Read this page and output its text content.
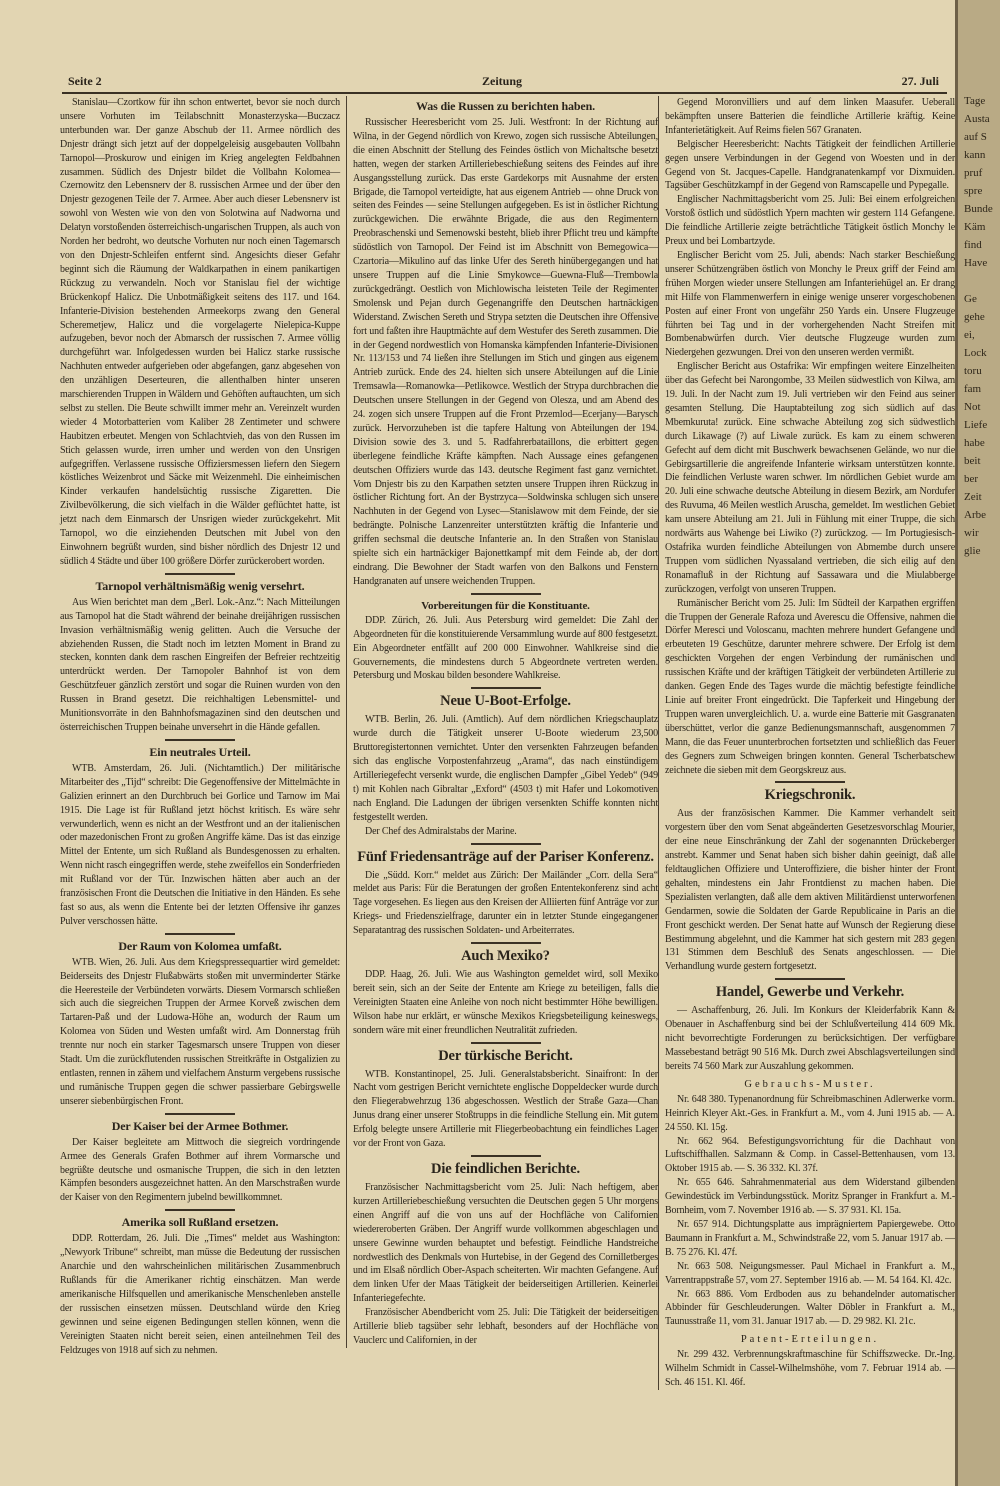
Seite 2	Zeitung	27. Juli

Stanislau—Czortkow für ihn schon entwertet, bevor sie noch durch unsere Vorhuten im Teilabschnitt Monasterzyska—Buczacz unterbunden war. Der ganze Abschub der 11. Armee nördlich des Dnjestr drängt sich jetzt auf der doppelgeleisig ausgebauten Vollbahn Tarnopol—Proskurow und einigen im Krieg angelegten Feldbahnen zusammen. Südlich des Dnjestr bildet die Vollbahn Kolomea—Czernowitz den Lebensnerv der 8. russischen Armee und der über den Dnjestr gezogenen Teile der 7. Armee. Aber auch dieser Lebensnerv ist sowohl von Westen wie von den von Solotwina auf Nadworna und Delatyn vorstoßenden österreichisch-ungarischen Truppen, als auch von Norden her bedroht, wo deutsche Vorhuten nur noch einen Tagemarsch von den Dnjestr-Schleifen entfernt sind. Angesichts dieser Gefahr beginnt sich die Räumung der Waldkarpathen in einem panikartigen Rückzug zu verwandeln. Noch vor Stanislau fiel der wichtige Brückenkopf Halicz. Die Unbotmäßigkeit seitens des 117. und 164. Infanterie-Division bestehenden Armeekorps zwang den General Scheremetjew, Halicz und die vorgelagerte Nielepica-Kuppe aufzugeben, bevor noch der Abmarsch der russischen 7. Armee völlig durchgeführt war. Infolgedessen wurden bei Halicz starke russische Nachhuten entweder aufgerieben oder abgefangen, ganz abgesehen von den unzähligen Deserteuren, die allenthalben hinter unseren marschierenden Truppen in Wäldern und Gehöften auftauchten, um sich selbst zu stellen. Die Beute schwillt immer mehr an. Vereinzelt wurden wieder 4 Motorbatterien vom Kaliber 28 Zentimeter und schwere Haubitzen erbeutet. Mengen von Schlachtvieh, das von den Russen im Stich gelassen wurde, irren umher und werden von den Unsrigen aufgegriffen. Verlassene russische Offiziersmessen liefern den Siegern köstliches Weizenbrot und Säcke mit Weizenmehl. Die einheimischen Kinder verkaufen handelsüchtig russische Zigaretten. Die Zivilbevölkerung, die sich vielfach in die Wälder geflüchtet hatte, ist jetzt nach dem Einmarsch der Unsrigen wieder zurückgekehrt. Mit Tarnopol, wo die einziehenden Deutschen mit Jubel von den Einwohnern begrüßt wurden, sind bisher nördlich des Dnjestr 12 und südlich 4 Städte und über 100 größere Dörfer zurückerobert worden.

Tarnopol verhältnismäßig wenig versehrt.

Aus Wien berichtet man dem „Berl. Lok.-Anz.“: Nach Mitteilungen aus Tarnopol hat die Stadt während der beinahe dreijährigen russischen Invasion verhältnismäßig wenig gelitten. Auch die Versuche der abziehenden Russen, die Stadt noch im letzten Moment in Brand zu stecken, konnten dank dem raschen Eingreifen der Befreier rechtzeitig unterdrückt werden. Der Tarnopoler Bahnhof ist von dem Geschützfeuer gänzlich zerstört und sogar die Ruinen wurden von den Russen in Brand gesetzt. Die reichhaltigen Lebensmittel- und Munitionsvorräte in den Bahnhofsmagazinen sind den deutschen und österreichischen Truppen beinahe unversehrt in die Hände gefallen.

Ein neutrales Urteil.

WTB. Amsterdam, 26. Juli. (Nichtamtlich.) Der militärische Mitarbeiter des „Tijd“ schreibt: Die Gegenoffensive der Mittelmächte in Galizien erinnert an den Durchbruch bei Gorlice und Tarnow im Mai 1915. Die Lage ist für Rußland jetzt höchst kritisch. Es wäre sehr verwunderlich, wenn es nicht an der Westfront und an der italienischen oder mazedonischen Front zu großen Angriffe käme. Das ist das einzige Mittel der Entente, um sich Rußland als Bundesgenossen zu erhalten. Wenn nicht rasch eingegriffen werde, stehe zweifellos ein Sonderfrieden mit Rußland vor der Tür. Inzwischen hätten aber auch an der französischen Front die Deutschen die Initiative in den Händen. Es sehe fast so aus, als wenn die Entente bei der letzten Offensive ihr ganzes Pulver verschossen hätte.

Der Raum von Kolomea umfaßt.

WTB. Wien, 26. Juli. Aus dem Kriegspressequartier wird gemeldet: Beiderseits des Dnjestr Flußabwärts stoßen mit unverminderter Stärke die Heeresteile der Verbündeten vorwärts. Diesem Vormarsch schließen sich auch die siegreichen Truppen der Armee Korveß zwischen dem Tartaren-Paß und der Ludowa-Höhe an, wodurch der Raum um Kolomea von Süden und Westen umfaßt wird. Am Donnerstag früh trennte nur noch ein starker Tagesmarsch unsere Truppen von dieser Stadt. Um die zurückflutenden russischen Streitkräfte in Ostgalizien zu entlasten, rennen in zähem und vielfachem Ansturm vergebens russische und rumänische Truppen gegen die schwer passierbare Gebirgswelle unserer siebenbürgischen Front.

Der Kaiser bei der Armee Bothmer.

Der Kaiser begleitete am Mittwoch die siegreich vordringende Armee des Generals Grafen Bothmer auf ihrem Vormarsche und begrüßte deutsche und osmanische Truppen, die sich in den letzten Kämpfen besonders ausgezeichnet hatten. An den Marschstraßen wurde der Kaiser von den Regimentern jubelnd bewillkommnet.

Amerika soll Rußland ersetzen.

DDP. Rotterdam, 26. Juli. Die „Times“ meldet aus Washington: „Newyork Tribune“ schreibt, man müsse die Bedeutung der russischen Anarchie und den wahrscheinlichen militärischen Zusammenbruch Rußlands für die Amerikaner richtig einschätzen. Man werde amerikanische Hilfsquellen und amerikanische Menschenleben anstelle der russischen einsetzen müssen. Deutschland würde den Krieg gewinnen und seine eigenen Bedingungen stellen können, wenn die Vereinigten Staaten nicht bereit seien, einen anteilnehmen Teil des Feldzuges von 1918 auf sich zu nehmen.

Was die Russen zu berichten haben.

Russischer Heeresbericht vom 25. Juli. Westfront: In der Richtung auf Wilna, in der Gegend nördlich von Krewo, zogen sich russische Abteilungen, die einen Abschnitt der Stellung des Feindes östlich von Michaltsche besetzt hatten, wegen der starken Artilleriebeschießung seitens des Feindes auf ihre Ausgangsstellung zurück. Das erste Gardekorps mit Ausnahme der ersten Brigade, die Tarnopol verteidigte, hat aus eigenem Antrieb — ohne Druck von seiten des Feindes — seine Stellungen aufgegeben. Es ist in östlicher Richtung zurückgewichen. Die erwähnte Brigade, die aus den Regimentern Preobraschenski und Semenowski besteht, blieb ihrer Pflicht treu und kämpfte südöstlich von Tarnopol. Der Feind ist im Abschnitt von Bemegowica—Czartoria—Mikulino auf das linke Ufer des Sereth hinübergegangen und hat unsere Truppen auf die Linie Smykowce—Guewna-Fluß—Trembowla zurückgedrängt. Oestlich von Michlowischa leisteten Teile der Regimenter Smolensk und Pejan durch Gegenangriffe den Deutschen hartnäckigen Widerstand. Zwischen Sereth und Strypa setzten die Deutschen ihre Offensive fort und faßten ihre Hauptmächte auf dem Westufer des Sereth zusammen. Die in der Gegend nordwestlich von Homanska kämpfenden Infanterie-Divisionen Nr. 113/153 und 74 ließen ihre Stellungen im Stich und gingen aus eigenem Antrieb zurück. Ende des 24. hielten sich unsere Abteilungen auf die Linie Tremsawla—Romanowka—Petlikowce. Westlich der Strypa durchbrachen die Deutschen unsere Stellungen in der Gegend von Olesza, und am Abend des 24. zogen sich unsere Truppen auf die Front Przemlod—Ecerjany—Barysch zurück. Hervorzuheben ist die tapfere Haltung von Abteilungen der 194. Division sowie des 3. und 5. Radfahrerbataillons, die erbittert gegen überlegene feindliche Kräfte kämpften. Nach Aussage eines gefangenen deutschen Offiziers wurde das 143. deutsche Regiment fast ganz vernichtet. Vom Dnjestr bis zu den Karpathen setzten unsere Truppen ihren Rückzug in östlicher Richtung fort. An der Bystrzyca—Soldwinska schlugen sich unsere Nachhuten in der Gegend von Lysec—Stanislawow mit dem Feinde, der sie bedrängte. Polnische Lanzenreiter unterstützten kräftig die Infanterie und griffen sechsmal die deutsche Infanterie an. In den Straßen von Stanislau spielte sich ein hartnäckiger Bajonettkampf mit dem Feinde ab, der dort eindrang. Die Bewohner der Stadt warfen von den Balkons und Fenstern Handgranaten auf unsere weichenden Truppen.

Vorbereitungen für die Konstituante.

DDP. Zürich, 26. Juli. Aus Petersburg wird gemeldet: Die Zahl der Abgeordneten für die konstituierende Versammlung wurde auf 800 festgesetzt. Ein Abgeordneter entfällt auf 200 000 Einwohner. Wahlkreise sind die Gouvernements, die mindestens durch 5 Abgeordnete vertreten werden. Petersburg und Moskau bilden besondere Wahlkreise.

Neue U-Boot-Erfolge.

WTB. Berlin, 26. Juli. (Amtlich). Auf dem nördlichen Kriegschauplatz wurde durch die Tätigkeit unserer U-Boote wiederum 23,500 Bruttoregistertonnen vernichtet. Unter den versenkten Fahrzeugen befanden sich das englische Vorpostenfahrzeug „Arama“, das nach einstündigem Artilleriegefecht versenkt wurde, die englischen Dampfer „Gibel Yedeb“ (949 t) mit Kohlen nach Gibraltar „Exford“ (4503 t) mit Hafer und Lokomotiven nach England. Die Ladungen der übrigen versenkten Schiffe konnten nicht festgestellt werden.

Der Chef des Admiralstabs der Marine.

Fünf Friedensanträge auf der Pariser Konferenz.

Die „Südd. Korr.“ meldet aus Zürich: Der Mailänder „Corr. della Sera“ meldet aus Paris: Für die Beratungen der großen Ententekonferenz sind acht Tage vorgesehen. Es liegen aus den Kreisen der Alliierten fünf Anträge vor zur Kriegs- und Friedenszielfrage, darunter ein in letzter Stunde eingegangener Separatantrag des russischen Soldaten- und Arbeiterrates.

Auch Mexiko?

DDP. Haag, 26. Juli. Wie aus Washington gemeldet wird, soll Mexiko bereit sein, sich an der Seite der Entente am Kriege zu beteiligen, falls die Vereinigten Staaten eine Anleihe von noch nicht bestimmter Höhe bewilligen. Wilson habe nur erklärt, er wünsche Mexikos Kriegsbeteiligung keineswegs, sondern wäre mit einer freundlichen Neutralität zufrieden.

Der türkische Bericht.

WTB. Konstantinopel, 25. Juli. Generalstabsbericht. Sinaifront: In der Nacht vom gestrigen Bericht vernichtete englische Doppeldecker wurde durch den Fliegerabwehrzug 136 abgeschossen. Westlich der Straße Gaza—Chan Junus drang einer unserer Stoßtrupps in die feindliche Stellung ein. Mit gutem Erfolg belegte unsere Artillerie mit Fliegerbeobachtung ein feindliches Lager vor der Front von Gaza.

Die feindlichen Berichte.

Französischer Nachmittagsbericht vom 25. Juli: Nach heftigem, aber kurzen Artilleriebeschießung versuchten die Deutschen gegen 5 Uhr morgens einen Angriff auf die von uns auf der Hochfläche von Californien wiedereroberten Gräben. Der Angriff wurde vollkommen abgeschlagen und unsere Gewinne wurden behauptet und befestigt. Feindliche Handstreiche nordwestlich des Denkmals von Hurtebise, in der Gegend des Cornilletberges und im Elsaß nördlich Ober-Aspach scheiterten. Wir machten Gefangene. Auf dem linken Ufer der Maas Tätigkeit der beiderseitigen Artillerien. Keinerlei Infanteriegefechte.

Französischer Abendbericht vom 25. Juli: Die Tätigkeit der beiderseitigen Artillerie blieb tagsüber sehr lebhaft, besonders auf der Hochfläche von Vauclerc und Californien, in der

Gegend Moronvilliers und auf dem linken Maasufer. Ueberall bekämpften unsere Batterien die feindliche Artillerie kräftig. Keine Infanterietätigkeit. Auf Reims fielen 567 Granaten.

Belgischer Heeresbericht: Nachts Tätigkeit der feindlichen Artillerie gegen unsere Verbindungen in der Gegend von Woesten und in der Gegend von St. Jacques-Capelle. Handgranatenkampf vor Dixmuiden. Tagsüber Geschützkampf in der Gegend von Ramscapelle und Pypegalle.

Englischer Nachmittagsbericht vom 25. Juli: Bei einem erfolgreichen Vorstoß östlich und südöstlich Ypern machten wir gestern 114 Gefangene. Die feindliche Artillerie zeigte beträchtliche Tätigkeit östlich Monchy le Preux und bei Lombartzyde.

Englischer Bericht vom 25. Juli, abends: Nach starker Beschießung unserer Schützengräben östlich von Monchy le Preux griff der Feind am frühen Morgen wieder unsere Stellungen am Infanteriehügel an. Er drang mit Hilfe von Flammenwerfern in einige wenige unserer vorgeschobenen Posten auf einer Front von ungefähr 250 Yards ein. Unsere Flugzeuge führten bei Tag und in der vorhergehenden Nacht Streifen mit Bombenabwürfen durch. Vier deutsche Flugzeuge wurden zum Niedergehen gezwungen. Drei von den unseren werden vermißt.

Englischer Bericht aus Ostafrika: Wir empfingen weitere Einzelheiten über das Gefecht bei Narongombe, 33 Meilen südwestlich von Kilwa, am 19. Juli. In der Nacht zum 19. Juli vertrieben wir den Feind aus seiner gesamten Stellung. Die Hauptabteilung zog sich südlich auf das Mbemkuruta! zurück. Eine schwache Abteilung zog sich südwestlich durch Likawage (?) auf Liwale zurück. Es kam zu einem schweren Gefecht auf dem dicht mit Buschwerk bewachsenen Gelände, wo nur die Gebirgsartillerie die angreifende Infanterie wirksam unterstützen konnte. Die feindlichen Verluste waren schwer. Im nördlichen Gebiet wurde am 20. Juli eine schwache deutsche Abteilung in diesem Bezirk, am Nordufer des Ruvuma, 46 Meilen westlich Aruscha, gemeldet. Im westlichen Gebiet kam unsere Abteilung am 21. Juli in Fühlung mit einer Truppe, die sich nordwärts aus Wahenge bei Liwiko (?) zurückzog. — Im Portugiesisch-Ostafrika wurden feindliche Abteilungen von Abmembe durch unsere Truppen vom südlichen Nyassaland vertrieben, die sich eilig auf den Ronamafluß in der Richtung auf Sassawara und die Miulabberge zurückzogen, verfolgt von unseren Truppen.

Rumänischer Bericht vom 25. Juli: Im Südteil der Karpathen ergriffen die Truppen der Generale Rafoza und Averescu die Offensive, nahmen die Dörfer Meresci und Voloscanu, machten mehrere hundert Gefangene und erbeuteten 19 Geschütze, darunter mehrere schwere. Der Erfolg ist dem geschickten Vorgehen der engen Verbindung der rumänischen und russischen Kräfte und der kräftigen Tätigkeit der verbündeten Artillerie zu danken. Gegen Ende des Tages wurde die mächtig befestigte feindliche Linie auf breiter Front eingedrückt. Die Tapferkeit und Hingebung der Truppen waren unvergleichlich. U. a. wurde eine Batterie mit Gasgranaten überschüttet, verlor die ganze Bedienungsmannschaft, ausgenommen 7 Mann, die das Feuer ununterbrochen fortsetzten und schließlich das Feuer des Gegners zum Schweigen bringen konnten. General Tscherbatschew zeichnete die sieben mit dem Georgskreuz aus.

Kriegschronik.

Aus der französischen Kammer. Die Kammer verhandelt seit vorgestern über den vom Senat abgeänderten Gesetzesvorschlag Mourier, der eine neue Einschränkung der Zahl der sogenannten Drückeberger anstrebt. Kammer und Senat haben sich bisher dahin geeinigt, daß alle feldtauglichen Offiziere und Unteroffiziere, die bisher hinter der Front gehalten, mindestens ein Jahr Frontdienst zu machen haben. Die Spezialisten verlangten, daß alle dem aktiven Militärdienst unterworfenen Gendarmen, sowie die Soldaten der Garde Republicaine in Paris an die Front geschickt werden. Der Senat hatte auf Wunsch der Regierung diese Bestimmung abgelehnt, und die Kammer hat sich gestern mit 283 gegen 131 Stimmen dem Beschluß des Senats angeschlossen. — Die Verhandlung wurde gestern fortgesetzt.

Handel, Gewerbe und Verkehr.

— Aschaffenburg, 26. Juli. Im Konkurs der Kleiderfabrik Kann & Obenauer in Aschaffenburg sind bei der Schlußverteilung 414 609 Mk. nicht bevorrechtigte Forderungen zu berücksichtigen. Der verfügbare Massebestand beträgt 90 516 Mk. Durch zwei Abschlagsverteilungen sind bereits 74 560 Mark zur Auszahlung gekommen.

Gebrauchs-Muster.

Nr. 648 380. Typenanordnung für Schreibmaschinen Adlerwerke vorm. Heinrich Kleyer Akt.-Ges. in Frankfurt a. M., vom 4. Juni 1915 ab. — A. 24 550. Kl. 15g.

Nr. 662 964. Befestigungsvorrichtung für die Dachhaut von Luftschiffhallen. Salzmann & Comp. in Cassel-Bettenhausen, vom 13. Oktober 1915 ab. — S. 36 332. Kl. 37f.

Nr. 655 646. Sahrahmenmaterial aus dem Widerstand gilbenden Gewindestück im Verbindungsstück. Moritz Spranger in Frankfurt a. M.-Bornheim, vom 7. November 1916 ab. — S. 37 931. Kl. 15a.

Nr. 657 914. Dichtungsplatte aus imprägniertem Papiergewebe. Otto Baumann in Frankfurt a. M., Schwindstraße 22, vom 5. Januar 1917 ab. — B. 75 276. Kl. 47f.

Nr. 663 508. Neigungsmesser. Paul Michael in Frankfurt a. M., Varrentrappstraße 57, vom 27. September 1916 ab. — M. 54 164. Kl. 42c.

Nr. 663 886. Vom Erdboden aus zu behandelnder automatischer Abbinder für Geschleuderungen. Walter Döbler in Frankfurt a. M., Taunusstraße 11, vom 31. Januar 1917 ab. — D. 29 982. Kl. 21c.

Patent-Erteilungen.

Nr. 299 432. Verbrennungskraftmaschine für Schiffszwecke. Dr.-Ing. Wilhelm Schmidt in Cassel-Wilhelmshöhe, vom 7. Februar 1914 ab. — Sch. 46 151. Kl. 46f.

Tage
Austa
auf S
kann
pruf
spre
Bunde
Käm
find
Have

Ge
gehe
ei,
Lock
toru
fam
Not
Liefe
habe
beit
ber
Zeit
Arbe
wir
glie
